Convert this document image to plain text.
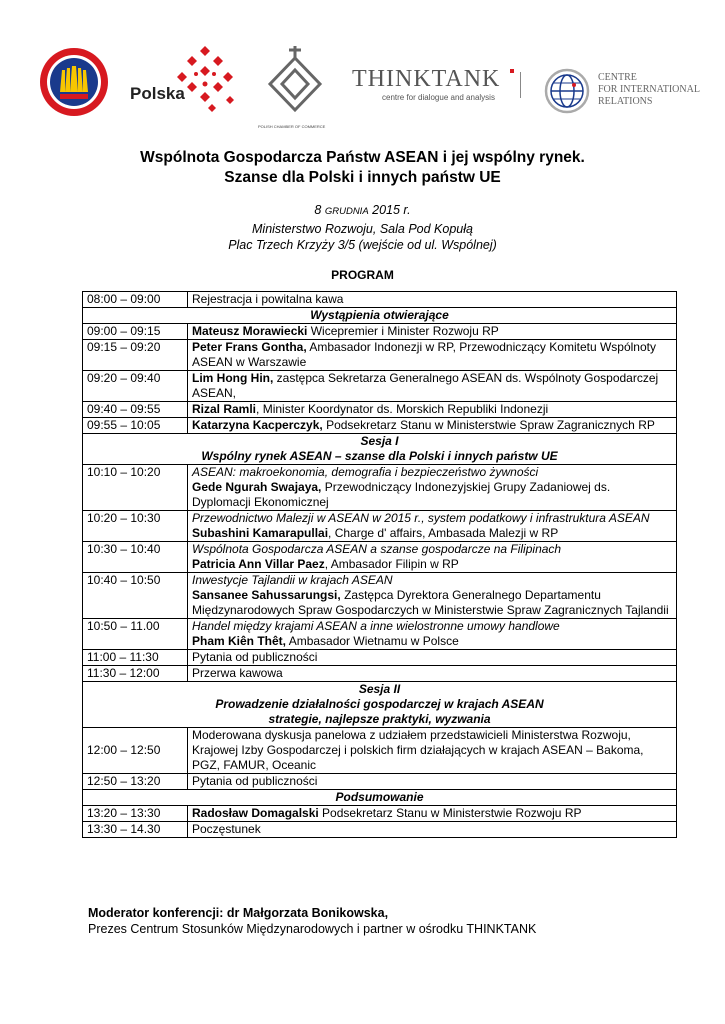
Polska
POLISH CHAMBER OF COMMERCE
THINKTANK
centre for dialogue and analysis
CENTRE
FOR INTERNATIONAL
RELATIONS
Wspólnota Gospodarcza Państw ASEAN i jej wspólny rynek.
Szanse dla Polski i innych państw UE
8 GRUDNIA 2015 r.
Ministerstwo Rozwoju, Sala Pod Kopułą
Plac Trzech Krzyży 3/5 (wejście od ul. Wspólnej)
PROGRAM
08:00 – 09:00	Rejestracja i powitalna kawa
Wystąpienia otwierające	
09:00 – 09:15	Mateusz Morawiecki Wicepremier i Minister Rozwoju RP
09:15 – 09:20	Peter Frans Gontha, Ambasador Indonezji w RP, Przewodniczący Komitetu Wspólnoty ASEAN w Warszawie
09:20 – 09:40	Lim Hong Hin, zastępca Sekretarza Generalnego ASEAN ds. Wspólnoty Gospodarczej ASEAN,
09:40 – 09:55	Rizal Ramli, Minister Koordynator ds. Morskich Republiki Indonezji
09:55 – 10:05	Katarzyna Kacperczyk, Podsekretarz Stanu w Ministerstwie Spraw Zagranicznych RP

Sesja I
Wspólny rynek ASEAN – szanse dla Polski i innych państw UE	

10:10 – 10:20	ASEAN: makroekonomia, demografia i bezpieczeństwo żywności
Gede Ngurah Swajaya, Przewodniczący Indonezyjskiej Grupy Zadaniowej ds. Dyplomacji Ekonomicznej

10:20 – 10:30	Przewodnictwo Malezji w ASEAN w 2015 r., system podatkowy i infrastruktura ASEAN
Subashini Kamarapullai, Charge d' affairs, Ambasada Malezji w RP

10:30 – 10:40	Wspólnota Gospodarcza ASEAN a szanse gospodarcze na Filipinach
Patricia Ann Villar Paez, Ambasador Filipin w RP

10:40 – 10:50	Inwestycje Tajlandii w krajach ASEAN
Sansanee Sahussarungsi, Zastępca Dyrektora Generalnego Departamentu Międzynarodowych Spraw Gospodarczych w Ministerstwie Spraw Zagranicznych Tajlandii

10:50 – 11.00	Handel między krajami ASEAN a inne wielostronne umowy handlowe
Pham Kiên Thêt, Ambasador Wietnamu w Polsce

11:00 – 11:30	Pytania od publiczności
11:30 – 12:00	Przerwa kawowa

Sesja II
Prowadzenie działalności gospodarczej w krajach ASEAN
strategie, najlepsze praktyki, wyzwania	

12:00 – 12:50	Moderowana dyskusja panelowa z udziałem przedstawicieli Ministerstwa Rozwoju, Krajowej Izby Gospodarczej i polskich firm działających w krajach ASEAN – Bakoma, PGZ, FAMUR, Oceanic
12:50 – 13:20	Pytania od publiczności
Podsumowanie	
13:20 – 13:30	Radosław Domagalski Podsekretarz Stanu w Ministerstwie Rozwoju RP
13:30 – 14.30	Poczęstunek
Moderator konferencji: dr Małgorzata Bonikowska,
Prezes Centrum Stosunków Międzynarodowych i partner w ośrodku THINKTANK
